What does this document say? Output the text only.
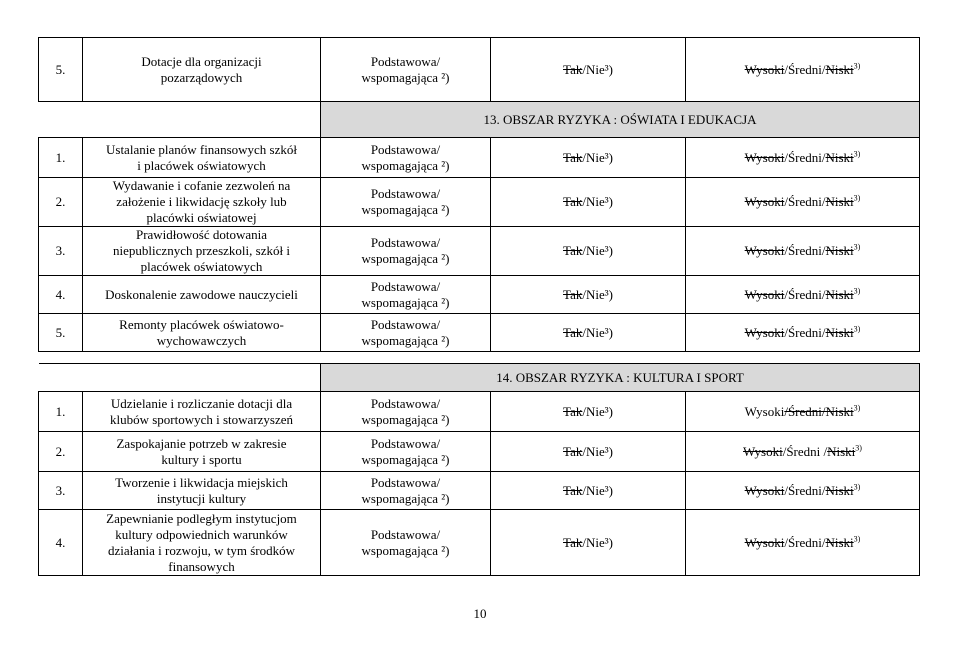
5.	Dotacje dla organizacji
pozarządowych	Podstawowa/
wspomagająca ²)	Tak/Nie³)	Wysoki/Średni/Niski$^{3)}$
		13. OBSZAR RYZYKA : OŚWIATA I EDUKACJA		
1.	Ustalanie planów finansowych szkół
i placówek oświatowych	Podstawowa/
wspomagająca ²)	Tak/Nie³)	Wysoki/Średni/Niski$^{3)}$
2.	Wydawanie i cofanie zezwoleń na
założenie i likwidację szkoły lub
placówki oświatowej	Podstawowa/
wspomagająca ²)	Tak/Nie³)	Wysoki/Średni/Niski$^{3)}$
3.	Prawidłowość dotowania
niepublicznych przeszkoli, szkół i
placówek oświatowych	Podstawowa/
wspomagająca ²)	Tak/Nie³)	Wysoki/Średni/Niski$^{3)}$
4.	Doskonalenie zawodowe nauczycieli	Podstawowa/
wspomagająca ²)	Tak/Nie³)	Wysoki/Średni/Niski$^{3)}$
5.	Remonty placówek oświatowo-
wychowawczych	Podstawowa/
wspomagająca ²)	Tak/Nie³)	Wysoki/Średni/Niski$^{3)}$

		14. OBSZAR RYZYKA : KULTURA I SPORT		
1.	Udzielanie i rozliczanie dotacji dla
klubów sportowych i stowarzyszeń	Podstawowa/
wspomagająca ²)	Tak/Nie³)	Wysoki/Średni/Niski$^{3)}$
2.	Zaspokajanie potrzeb w zakresie
kultury i sportu	Podstawowa/
wspomagająca ²)	Tak/Nie³)	Wysoki/Średni /Niski$^{3)}$
3.	Tworzenie i likwidacja miejskich
instytucji kultury	Podstawowa/
wspomagająca ²)	Tak/Nie³)	Wysoki/Średni/Niski$^{3)}$
4.	Zapewnianie podległym instytucjom
kultury odpowiednich warunków
działania i rozwoju, w tym środków
finansowych	Podstawowa/
wspomagająca ²)	Tak/Nie³)	Wysoki/Średni/Niski$^{3)}$
10
